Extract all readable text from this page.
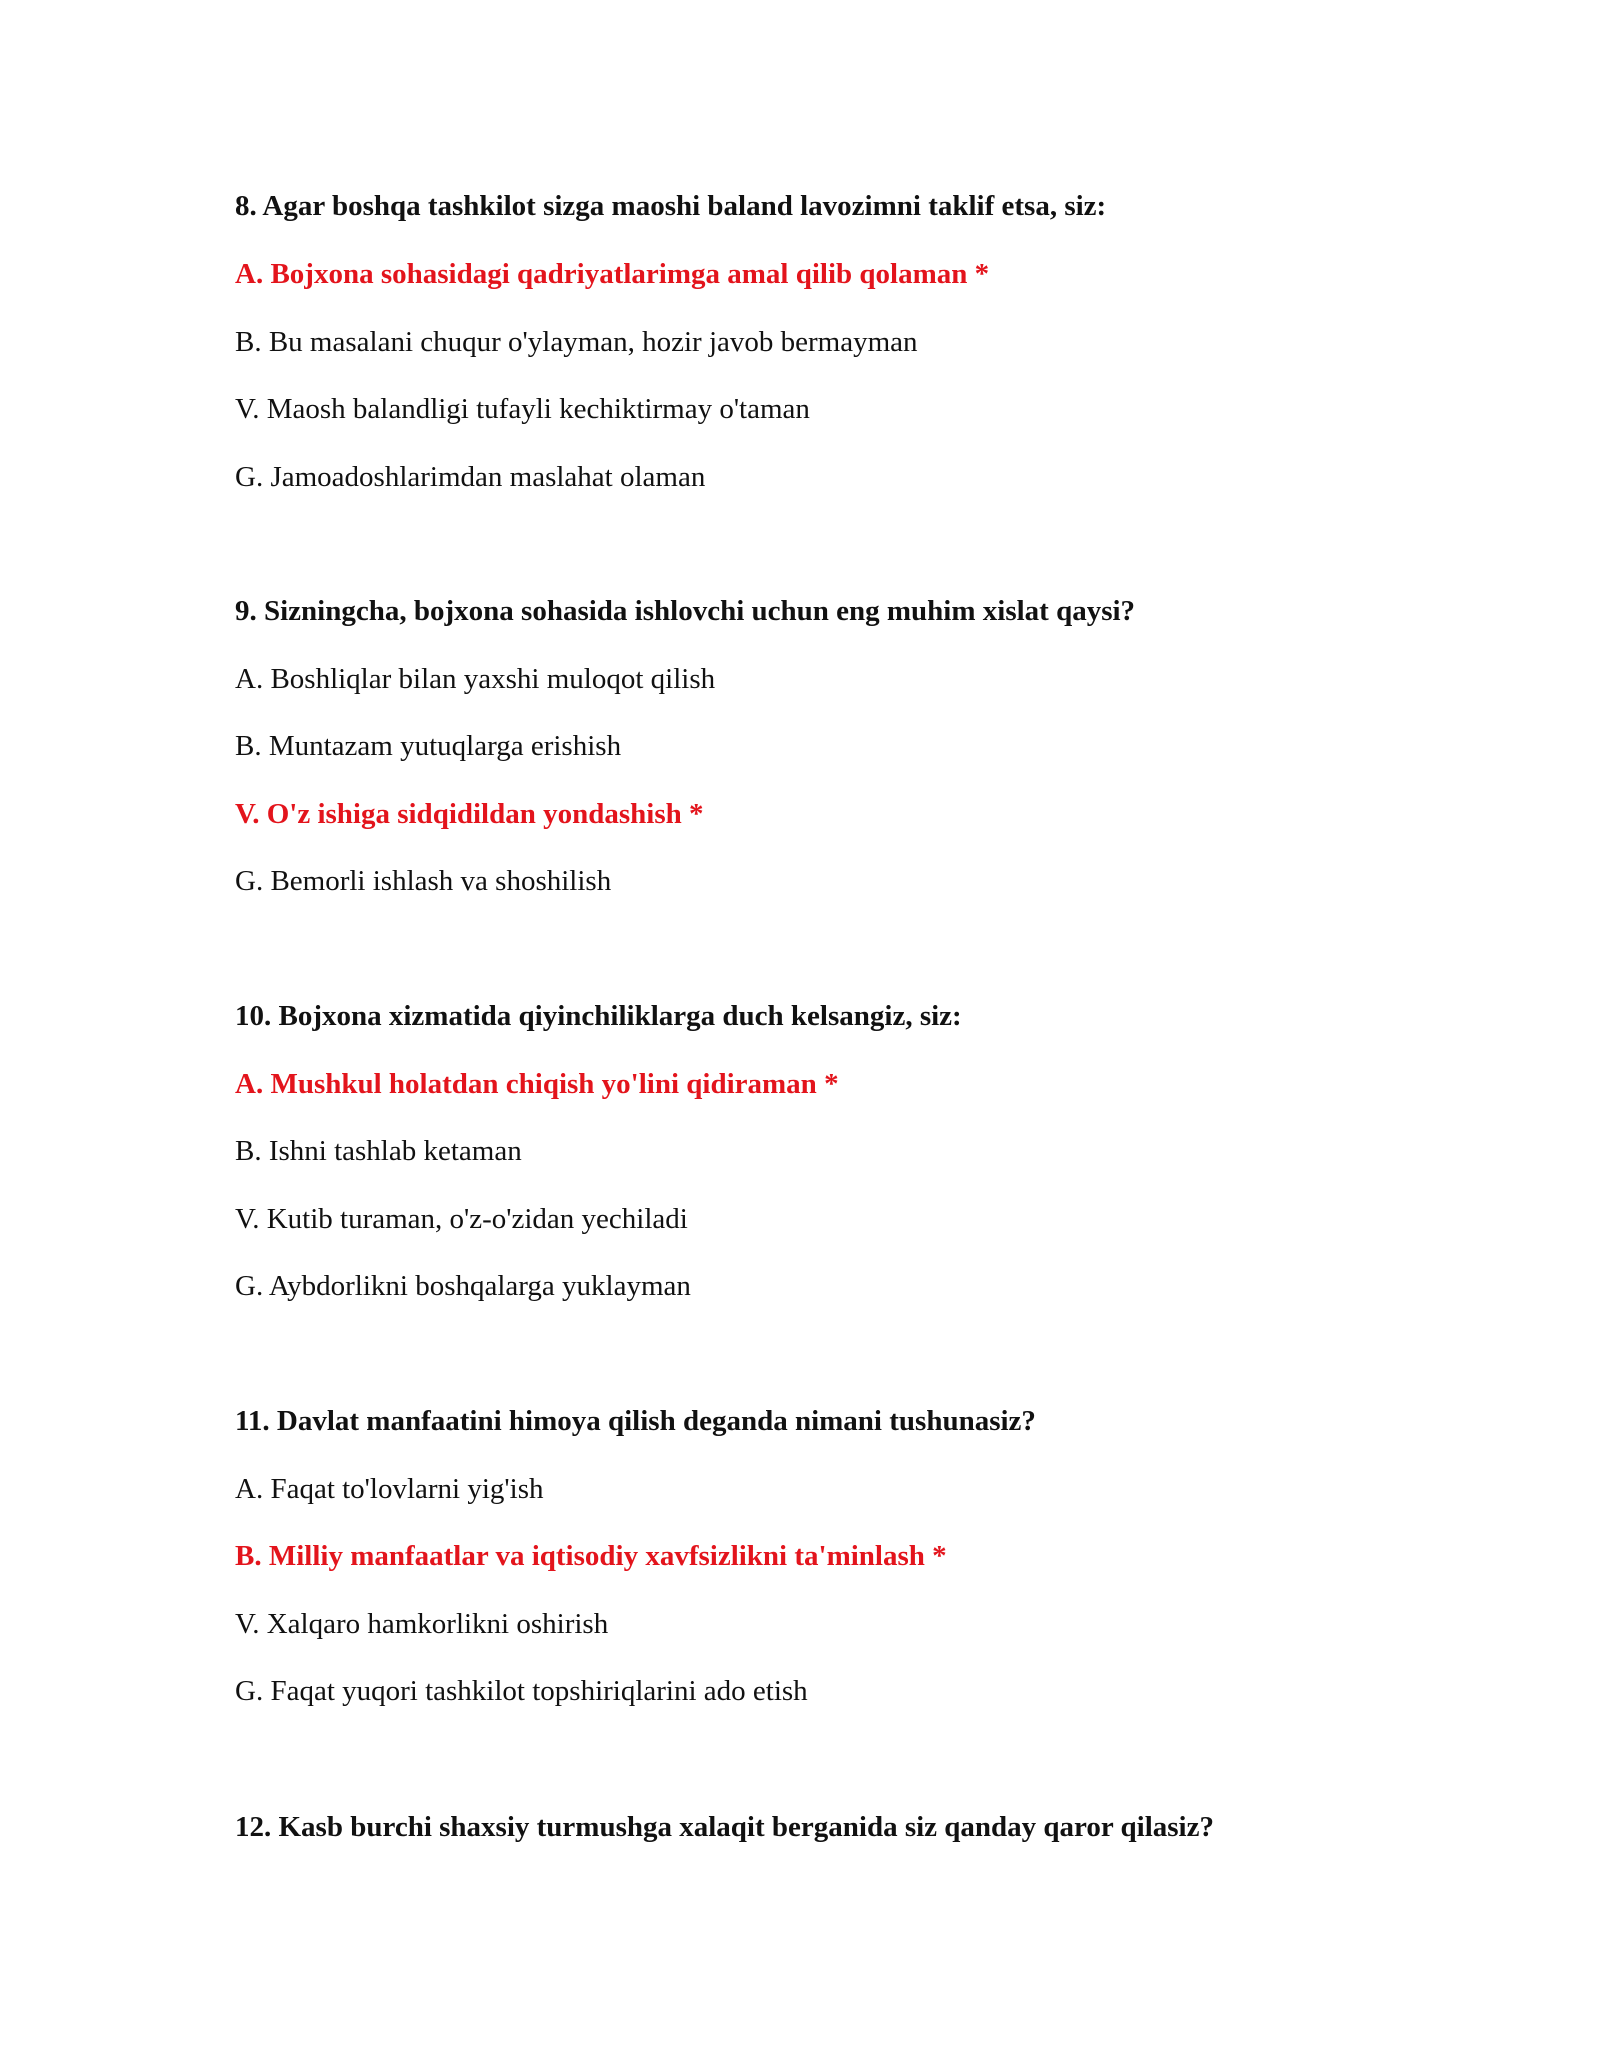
8. Agar boshqa tashkilot sizga maoshi baland lavozimni taklif etsa, siz:
A. Bojxona sohasidagi qadriyatlarimga amal qilib qolaman *
B. Bu masalani chuqur o'ylayman, hozir javob bermayman
V. Maosh balandligi tufayli kechiktirmay o'taman
G. Jamoadoshlarimdan maslahat olaman
9. Sizningcha, bojxona sohasida ishlovchi uchun eng muhim xislat qaysi?
A. Boshliqlar bilan yaxshi muloqot qilish
B. Muntazam yutuqlarga erishish
V. O'z ishiga sidqidildan yondashish *
G. Bemorli ishlash va shoshilish
10. Bojxona xizmatida qiyinchiliklarga duch kelsangiz, siz:
A. Mushkul holatdan chiqish yo'lini qidiraman *
B. Ishni tashlab ketaman
V. Kutib turaman, o'z-o'zidan yechiladi
G. Aybdorlikni boshqalarga yuklayman
11. Davlat manfaatini himoya qilish deganda nimani tushunasiz?
A. Faqat to'lovlarni yig'ish
B. Milliy manfaatlar va iqtisodiy xavfsizlikni ta'minlash *
V. Xalqaro hamkorlikni oshirish
G. Faqat yuqori tashkilot topshiriqlarini ado etish
12. Kasb burchi shaxsiy turmushga xalaqit berganida siz qanday qaror qilasiz?
